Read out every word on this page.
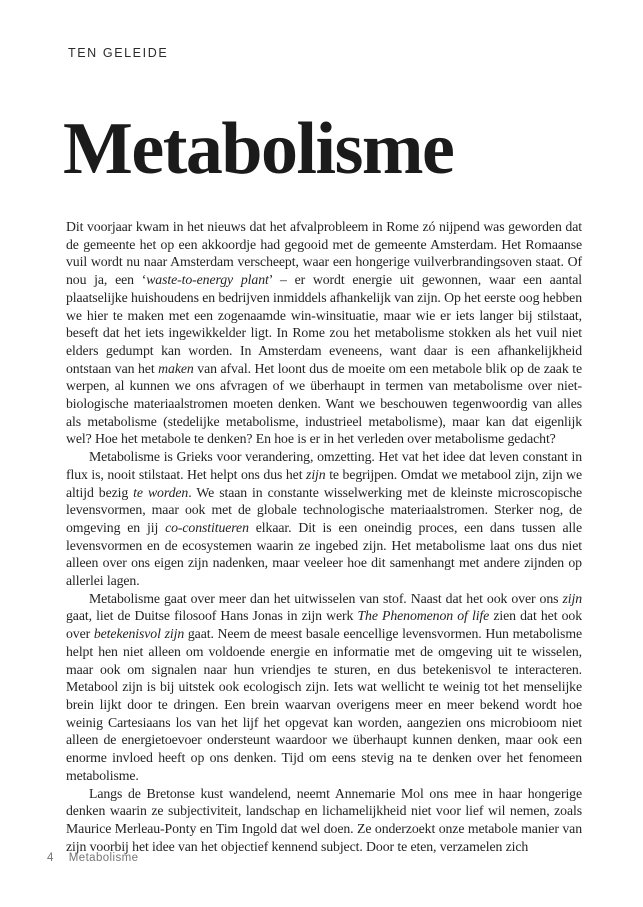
TEN GELEIDE
Metabolisme

Dit voorjaar kwam in het nieuws dat het afvalprobleem in Rome zó nijpend was geworden dat de gemeente het op een akkoordje had gegooid met de gemeente Amsterdam. Het Romaanse vuil wordt nu naar Amsterdam verscheept, waar een hongerige vuilverbrandingsoven staat. Of nou ja, een ‘waste-to-energy plant’ – er wordt energie uit gewonnen, waar een aantal plaatselijke huishoudens en bedrijven inmiddels afhankelijk van zijn. Op het eerste oog hebben we hier te maken met een zogenaamde win-winsituatie, maar wie er iets langer bij stilstaat, beseft dat het iets ingewikkelder ligt. In Rome zou het metabolisme stokken als het vuil niet elders gedumpt kan worden. In Amsterdam eveneens, want daar is een afhankelijkheid ontstaan van het maken van afval. Het loont dus de moeite om een metabole blik op de zaak te werpen, al kunnen we ons afvragen of we überhaupt in termen van metabolisme over niet-biologische materiaalstromen moeten denken. Want we beschouwen tegenwoordig van alles als metabolisme (stedelijke metabolisme, industrieel metabolisme), maar kan dat eigenlijk wel? Hoe het metabole te denken? En hoe is er in het verleden over metabolisme gedacht?

Metabolisme is Grieks voor verandering, omzetting. Het vat het idee dat leven constant in flux is, nooit stilstaat. Het helpt ons dus het zijn te begrijpen. Omdat we metabool zijn, zijn we altijd bezig te worden. We staan in constante wisselwerking met de kleinste microscopische levensvormen, maar ook met de globale technologische materiaalstromen. Sterker nog, de omgeving en jij co-constitueren elkaar. Dit is een oneindig proces, een dans tussen alle levensvormen en de ecosystemen waarin ze ingebed zijn. Het metabolisme laat ons dus niet alleen over ons eigen zijn nadenken, maar veeleer hoe dit samenhangt met andere zijnden op allerlei lagen.

Metabolisme gaat over meer dan het uitwisselen van stof. Naast dat het ook over ons zijn gaat, liet de Duitse filosoof Hans Jonas in zijn werk The Phenomenon of life zien dat het ook over betekenisvol zijn gaat. Neem de meest basale eencellige levensvormen. Hun metabolisme helpt hen niet alleen om voldoende energie en informatie met de omgeving uit te wisselen, maar ook om signalen naar hun vriendjes te sturen, en dus betekenisvol te interacteren. Metabool zijn is bij uitstek ook ecologisch zijn. Iets wat wellicht te weinig tot het menselijke brein lijkt door te dringen. Een brein waarvan overigens meer en meer bekend wordt hoe weinig Cartesiaans los van het lijf het opgevat kan worden, aangezien ons microbioom niet alleen de energietoevoer ondersteunt waardoor we überhaupt kunnen denken, maar ook een enorme invloed heeft op ons denken. Tijd om eens stevig na te denken over het fenomeen metabolisme.

Langs de Bretonse kust wandelend, neemt Annemarie Mol ons mee in haar hongerige denken waarin ze subjectiviteit, landschap en lichamelijkheid niet voor lief wil nemen, zoals Maurice Merleau-Ponty en Tim Ingold dat wel doen. Ze onderzoekt onze metabole manier van zijn voorbij het idee van het objectief kennend subject. Door te eten, verzamelen zich

4 Metabolisme
